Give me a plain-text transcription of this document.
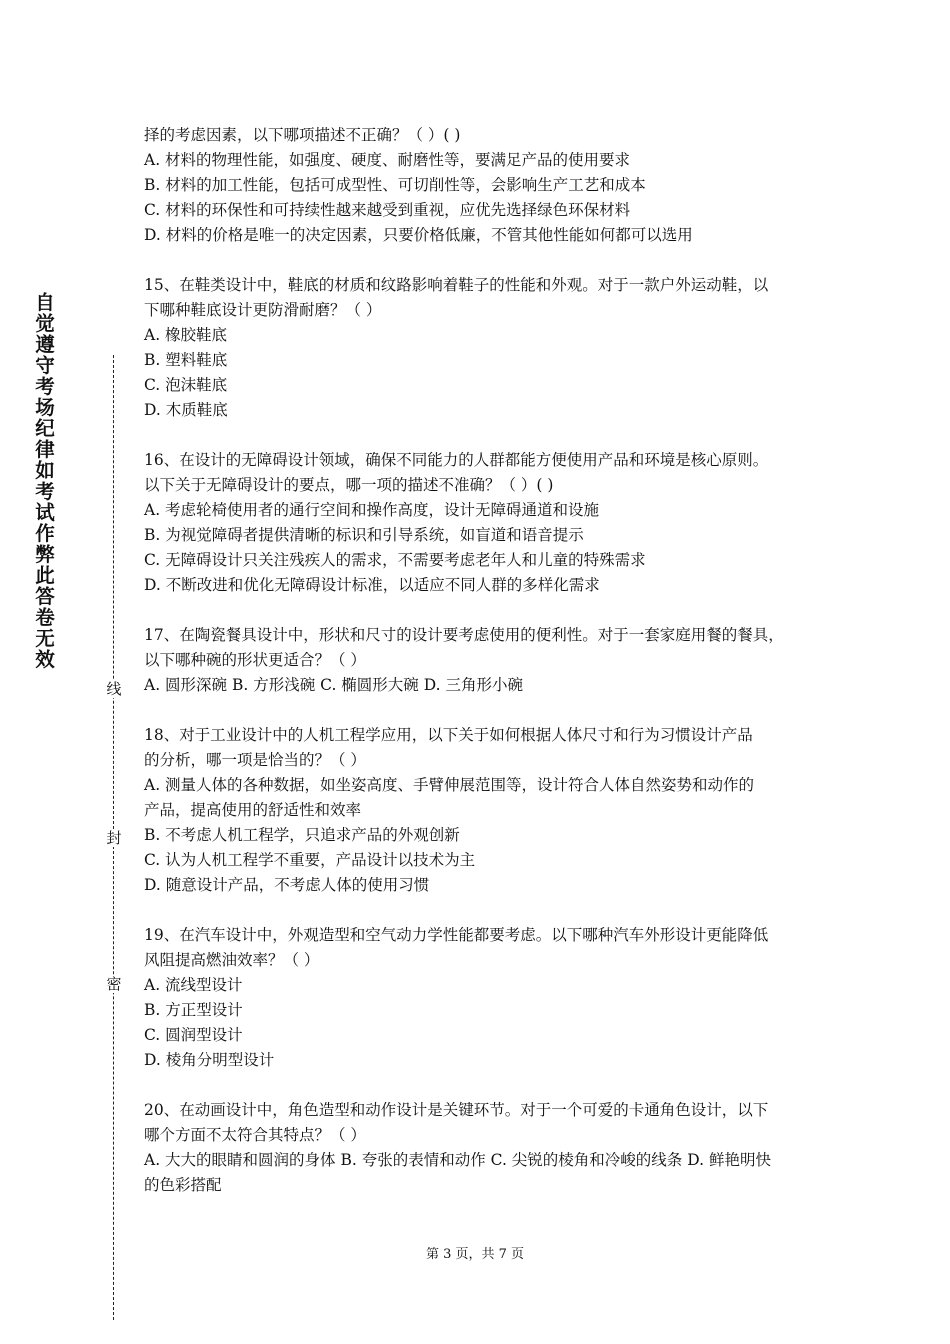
自觉遵守考场纪律如考试作弊此答卷无效
线
封
密
择的考虑因素，以下哪项描述不正确？（ ）( )
A. 材料的物理性能，如强度、硬度、耐磨性等，要满足产品的使用要求
B. 材料的加工性能，包括可成型性、可切削性等，会影响生产工艺和成本
C. 材料的环保性和可持续性越来越受到重视，应优先选择绿色环保材料
D. 材料的价格是唯一的决定因素，只要价格低廉，不管其他性能如何都可以选用
15、在鞋类设计中，鞋底的材质和纹路影响着鞋子的性能和外观。对于一款户外运动鞋，以
下哪种鞋底设计更防滑耐磨？（ ）
A. 橡胶鞋底
B. 塑料鞋底
C. 泡沫鞋底
D. 木质鞋底
16、在设计的无障碍设计领域，确保不同能力的人群都能方便使用产品和环境是核心原则。
以下关于无障碍设计的要点，哪一项的描述不准确？（ ）( )
A. 考虑轮椅使用者的通行空间和操作高度，设计无障碍通道和设施
B. 为视觉障碍者提供清晰的标识和引导系统，如盲道和语音提示
C. 无障碍设计只关注残疾人的需求，不需要考虑老年人和儿童的特殊需求
D. 不断改进和优化无障碍设计标准，以适应不同人群的多样化需求
17、在陶瓷餐具设计中，形状和尺寸的设计要考虑使用的便利性。对于一套家庭用餐的餐具，
以下哪种碗的形状更适合？（ ）
A. 圆形深碗 B. 方形浅碗 C. 椭圆形大碗 D. 三角形小碗
18、对于工业设计中的人机工程学应用，以下关于如何根据人体尺寸和行为习惯设计产品
的分析，哪一项是恰当的？（ ）
A. 测量人体的各种数据，如坐姿高度、手臂伸展范围等，设计符合人体自然姿势和动作的
产品，提高使用的舒适性和效率
B. 不考虑人机工程学，只追求产品的外观创新
C. 认为人机工程学不重要，产品设计以技术为主
D. 随意设计产品，不考虑人体的使用习惯
19、在汽车设计中，外观造型和空气动力学性能都要考虑。以下哪种汽车外形设计更能降低
风阻提高燃油效率？（ ）
A. 流线型设计
B. 方正型设计
C. 圆润型设计
D. 棱角分明型设计
20、在动画设计中，角色造型和动作设计是关键环节。对于一个可爱的卡通角色设计，以下
哪个方面不太符合其特点？（ ）
A. 大大的眼睛和圆润的身体 B. 夸张的表情和动作 C. 尖锐的棱角和冷峻的线条 D. 鲜艳明快
的色彩搭配
第 3 页，共 7 页
